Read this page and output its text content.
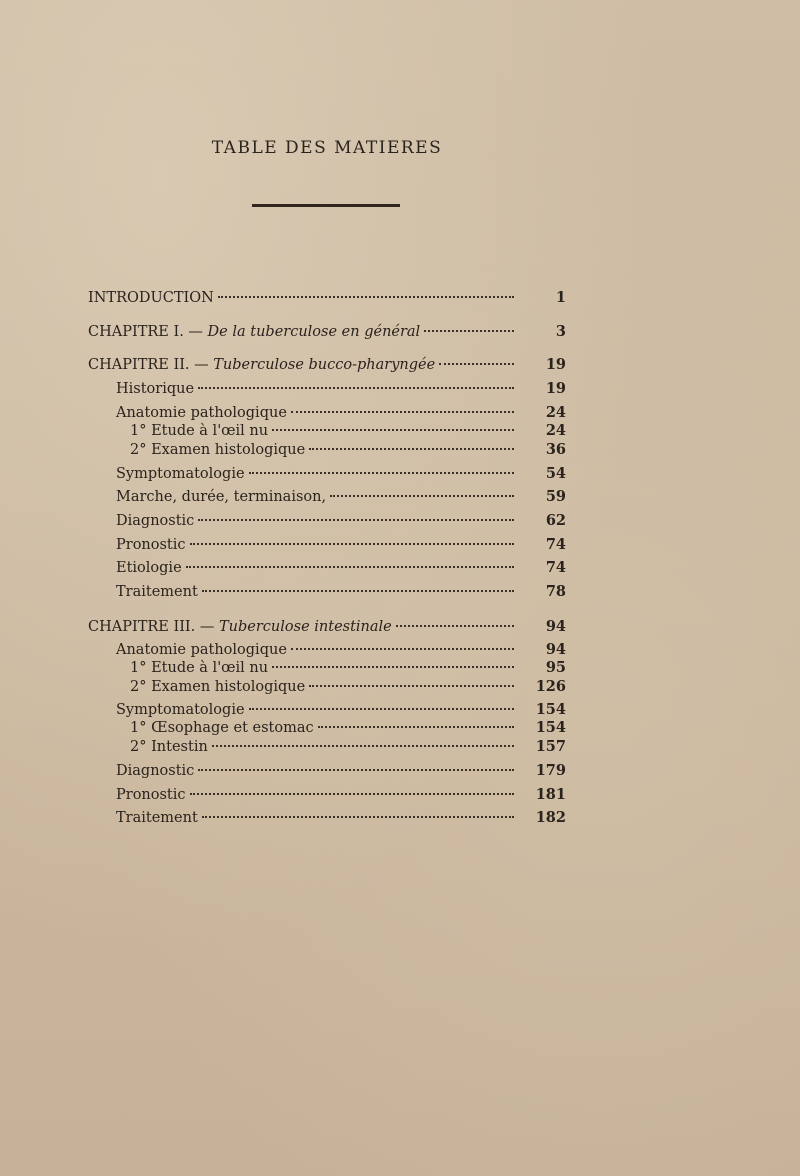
TABLE DES MATIERES
INTRODUCTION	1
CHAPITRE I. — De la tuberculose en général	3
CHAPITRE II. — Tuberculose bucco-pharyngée	19
Historique	19
Anatomie pathologique	24
1° Etude à l'œil nu	24
2° Examen histologique	36
Symptomatologie	54
Marche, durée, terminaison,	59
Diagnostic	62
Pronostic	74
Etiologie	74
Traitement	78
CHAPITRE III. — Tuberculose intestinale	94
Anatomie pathologique	94
1° Etude à l'œil nu	95
2° Examen histologique	126
Symptomatologie	154
1° Œsophage et estomac	154
2° Intestin	157
Diagnostic	179
Pronostic	181
Traitement	182
